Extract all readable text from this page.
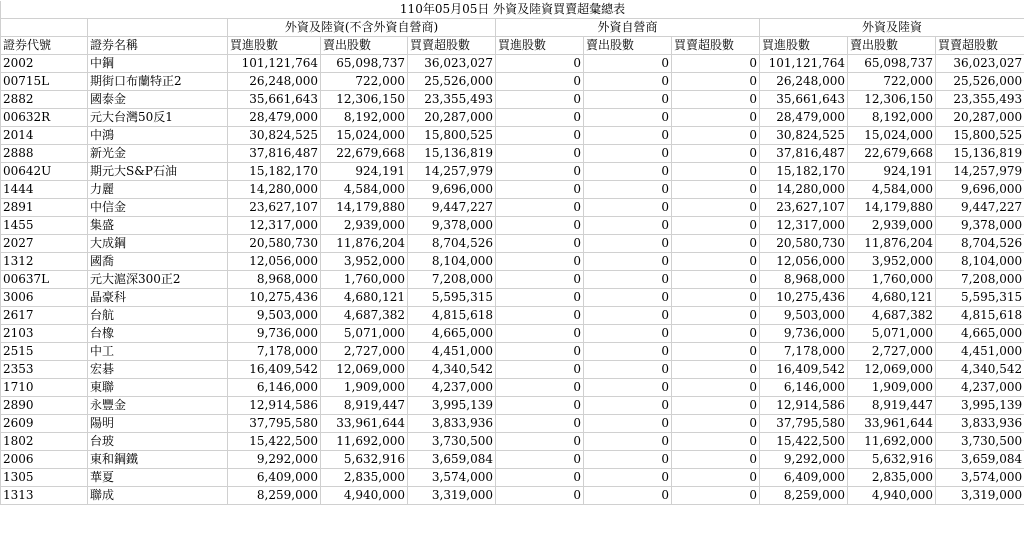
110年05月05日 外資及陸資買賣超彙總表										
		外資及陸資(不含外資自營商)			外資自營商			外資及陸資		
證券代號	證券名稱	買進股數	賣出股數	買賣超股數	買進股數	賣出股數	買賣超股數	買進股數	賣出股數	買賣超股數
2002	中鋼	101,121,764	65,098,737	36,023,027	0	0	0	101,121,764	65,098,737	36,023,027
00715L	期街口布蘭特正2	26,248,000	722,000	25,526,000	0	0	0	26,248,000	722,000	25,526,000
2882	國泰金	35,661,643	12,306,150	23,355,493	0	0	0	35,661,643	12,306,150	23,355,493
00632R	元大台灣50反1	28,479,000	8,192,000	20,287,000	0	0	0	28,479,000	8,192,000	20,287,000
2014	中鴻	30,824,525	15,024,000	15,800,525	0	0	0	30,824,525	15,024,000	15,800,525
2888	新光金	37,816,487	22,679,668	15,136,819	0	0	0	37,816,487	22,679,668	15,136,819
00642U	期元大S&P石油	15,182,170	924,191	14,257,979	0	0	0	15,182,170	924,191	14,257,979
1444	力麗	14,280,000	4,584,000	9,696,000	0	0	0	14,280,000	4,584,000	9,696,000
2891	中信金	23,627,107	14,179,880	9,447,227	0	0	0	23,627,107	14,179,880	9,447,227
1455	集盛	12,317,000	2,939,000	9,378,000	0	0	0	12,317,000	2,939,000	9,378,000
2027	大成鋼	20,580,730	11,876,204	8,704,526	0	0	0	20,580,730	11,876,204	8,704,526
1312	國喬	12,056,000	3,952,000	8,104,000	0	0	0	12,056,000	3,952,000	8,104,000
00637L	元大滬深300正2	8,968,000	1,760,000	7,208,000	0	0	0	8,968,000	1,760,000	7,208,000
3006	晶豪科	10,275,436	4,680,121	5,595,315	0	0	0	10,275,436	4,680,121	5,595,315
2617	台航	9,503,000	4,687,382	4,815,618	0	0	0	9,503,000	4,687,382	4,815,618
2103	台橡	9,736,000	5,071,000	4,665,000	0	0	0	9,736,000	5,071,000	4,665,000
2515	中工	7,178,000	2,727,000	4,451,000	0	0	0	7,178,000	2,727,000	4,451,000
2353	宏碁	16,409,542	12,069,000	4,340,542	0	0	0	16,409,542	12,069,000	4,340,542
1710	東聯	6,146,000	1,909,000	4,237,000	0	0	0	6,146,000	1,909,000	4,237,000
2890	永豐金	12,914,586	8,919,447	3,995,139	0	0	0	12,914,586	8,919,447	3,995,139
2609	陽明	37,795,580	33,961,644	3,833,936	0	0	0	37,795,580	33,961,644	3,833,936
1802	台玻	15,422,500	11,692,000	3,730,500	0	0	0	15,422,500	11,692,000	3,730,500
2006	東和鋼鐵	9,292,000	5,632,916	3,659,084	0	0	0	9,292,000	5,632,916	3,659,084
1305	華夏	6,409,000	2,835,000	3,574,000	0	0	0	6,409,000	2,835,000	3,574,000
1313	聯成	8,259,000	4,940,000	3,319,000	0	0	0	8,259,000	4,940,000	3,319,000
